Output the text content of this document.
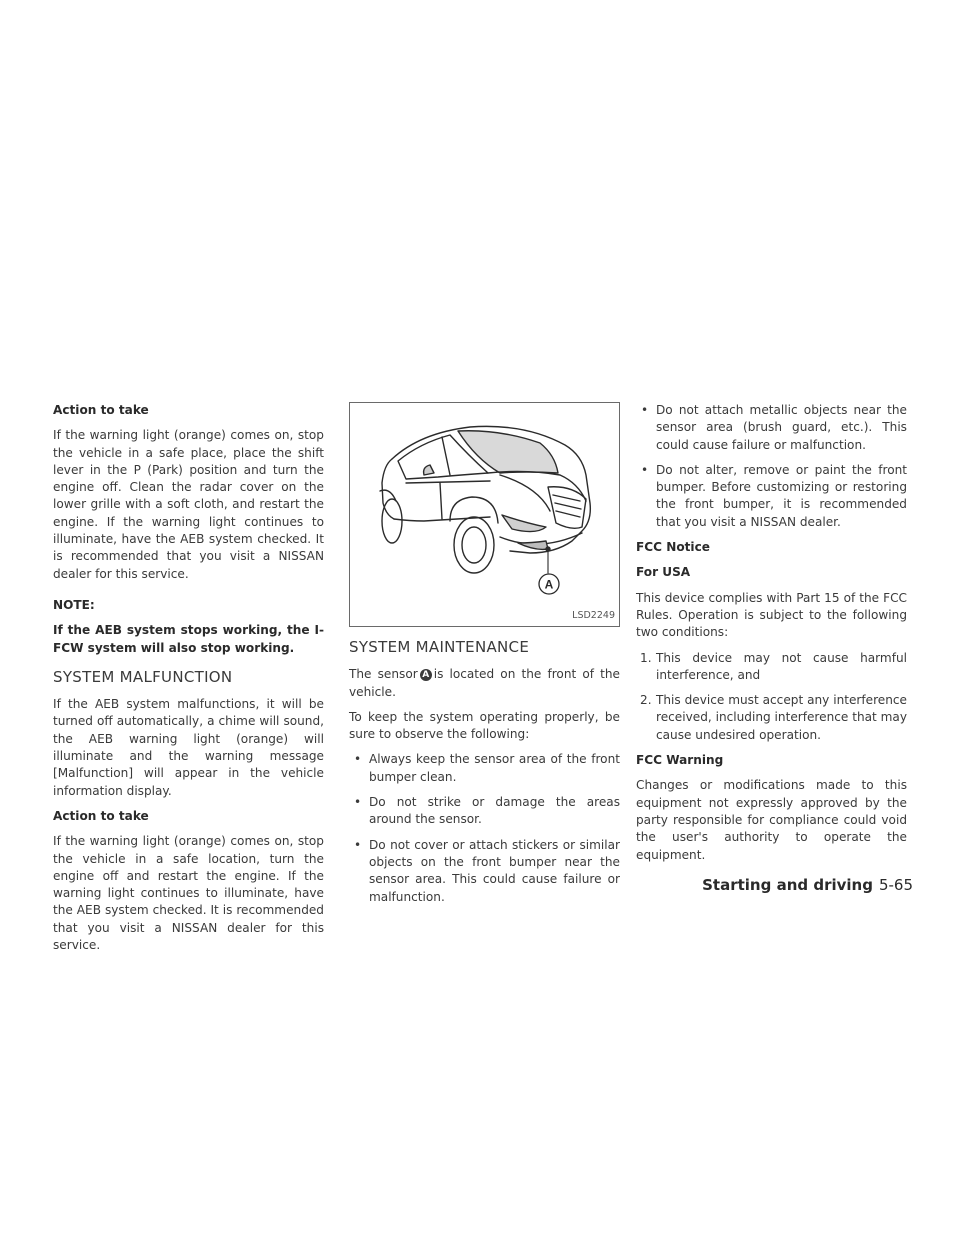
Action to take

If the warning light (orange) comes on, stop the vehicle in a safe place, place the shift lever in the P (Park) position and turn the engine off. Clean the radar cover on the lower grille with a soft cloth, and restart the engine. If the warning light continues to illuminate, have the AEB system checked. It is recommended that you visit a NISSAN dealer for this service.

NOTE:
If the AEB system stops working, the I-FCW system will also stop working.
SYSTEM MALFUNCTION

If the AEB system malfunctions, it will be turned off automatically, a chime will sound, the AEB warning light (orange) will illuminate and the warning message [Malfunction] will appear in the vehicle information display.

Action to take

If the warning light (orange) comes on, stop the vehicle in a safe location, turn the engine off and restart the engine. If the warning light continues to illuminate, have the AEB system checked. It is recommended that you visit a NISSAN dealer for this service.

A
LSD2249
SYSTEM MAINTENANCE

The sensor A is located on the front of the vehicle.

To keep the system operating properly, be sure to observe the following:

• Always keep the sensor area of the front bumper clean.
• Do not strike or damage the areas around the sensor.
• Do not cover or attach stickers or similar objects on the front bumper near the sensor area. This could cause failure or malfunction.
• Do not attach metallic objects near the sensor area (brush guard, etc.). This could cause failure or malfunction.
• Do not alter, remove or paint the front bumper. Before customizing or restoring the front bumper, it is recommended that you visit a NISSAN dealer.
FCC Notice
For USA

This device complies with Part 15 of the FCC Rules. Operation is subject to the following two conditions:

1. This device may not cause harmful interference, and
2. This device must accept any interference received, including interference that may cause undesired operation.
FCC Warning

Changes or modifications made to this equipment not expressly approved by the party responsible for compliance could void the user's authority to operate the equipment.

Starting and driving 5-65
